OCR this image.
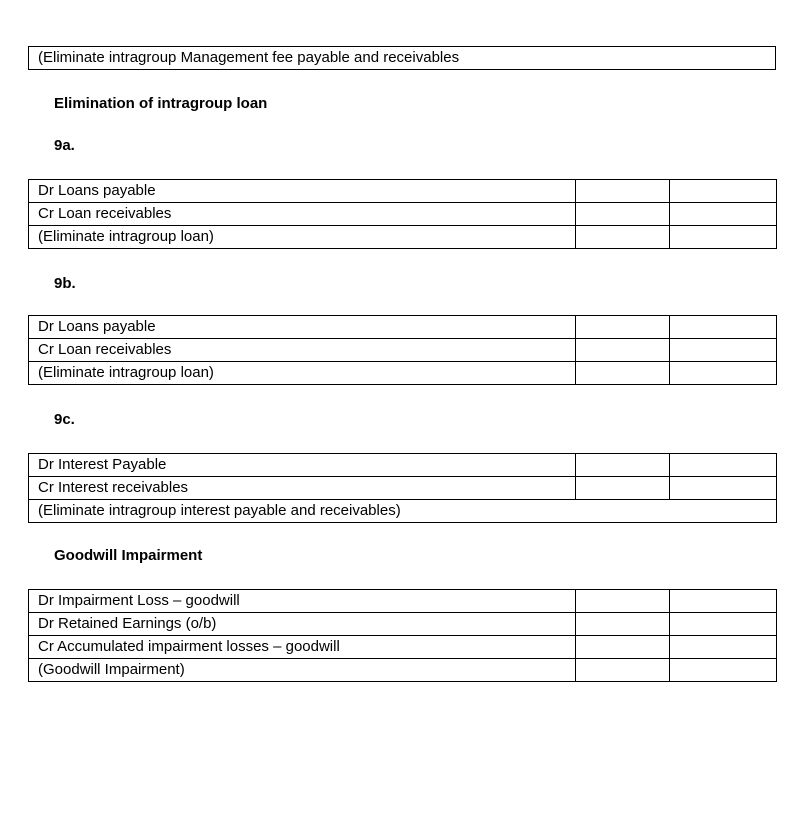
(Eliminate intragroup Management fee payable and receivables
Elimination of intragroup loan
9a.
Dr Loans payable		
Cr Loan receivables		
(Eliminate intragroup loan)		
9b.
Dr Loans payable		
Cr Loan receivables		
(Eliminate intragroup loan)		
9c.
Dr Interest Payable		
Cr Interest receivables		
(Eliminate intragroup interest payable and receivables)		
Goodwill Impairment
Dr Impairment Loss – goodwill		
Dr Retained Earnings (o/b)		
Cr Accumulated impairment losses – goodwill		
(Goodwill Impairment)		
